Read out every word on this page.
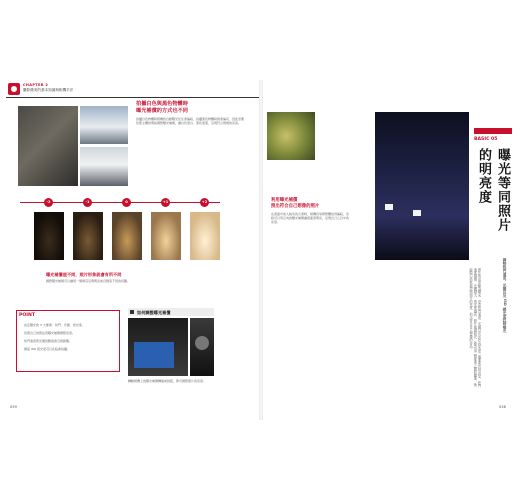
CHAPTER 2
攝影優美的基本知識與相機手法
拍攝白色與黑色物體時
曝光補償的方式也不同
拍攝白色物體時相機的自動曝光往往會偏暗，拍攝黑色物體時則會偏亮，因此需要依照主體的明暗調整曝光補償，讓白色更白、黑色更黑，呈現符合現場的亮度。
-2	-1	0	+1	+2
曝光補償值不同，照片形象就會有所不同
調整曝光補償可以讓同一個場景呈現明亮或沉穩等不同的氛圍。
POINT
決定曝光的 3 大要素：快門、光圈、感光度。
依照自己的想法用曝光補償調整亮度。
快門速度與光圈的數值會互相影響。
調高 ISO 感光度可以在暗處拍攝。
如何調整曝光補償
轉動相機上的曝光補償轉盤或按鈕，即可調整照片的亮度。
039
利用曝光補償
照出符合自己想像的照片
在畫面中加入較亮的元素時，相機容易將整體拍得偏暗，這時可以用正向的曝光補償讓畫面更明亮，呈現自己心目中的亮度。
BASIC 05
曝光等同照片的明亮度
調整快門速度、光圈以及 ISO 感光度控制曝光
照片的亮度稱為曝光，是由快門速度、光圈以及 ISO 感光度三個要素共同決定。快門速度越慢、光圈越大、感光度越高，照片就越明亮。熟悉這三個要素之間的關係，就能隨心所欲地控制照片的亮度，拍出符合自己想像的作品。
038
